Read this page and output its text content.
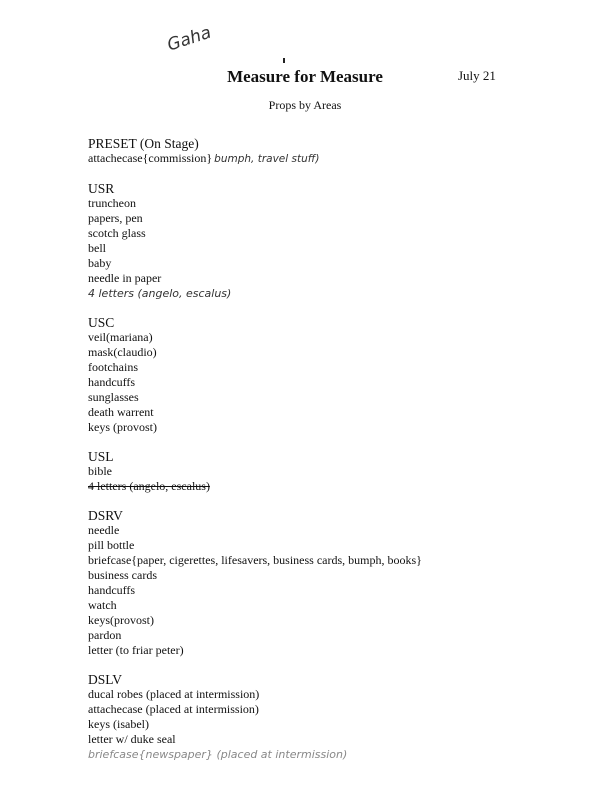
Gaha
Measure for Measure	July 21
Props by Areas
PRESET (On Stage)
attachecase{commission} bumph, travel stuff)
USR
truncheon
papers, pen
scotch glass
bell
baby
needle in paper
4 letters (angelo, escalus)
USC
veil(mariana)
mask(claudio)
footchains
handcuffs
sunglasses
death warrent
keys (provost)
USL
bible
4 letters (angelo, escalus)
DSRV
needle
pill bottle
briefcase{paper, cigerettes, lifesavers, business cards, bumph, books}
business cards
handcuffs
watch
keys(provost)
pardon
letter (to friar peter)
DSLV
ducal robes (placed at intermission)
attachecase (placed at intermission)
keys (isabel)
letter w/ duke seal
briefcase{newspaper} (placed at intermission)
